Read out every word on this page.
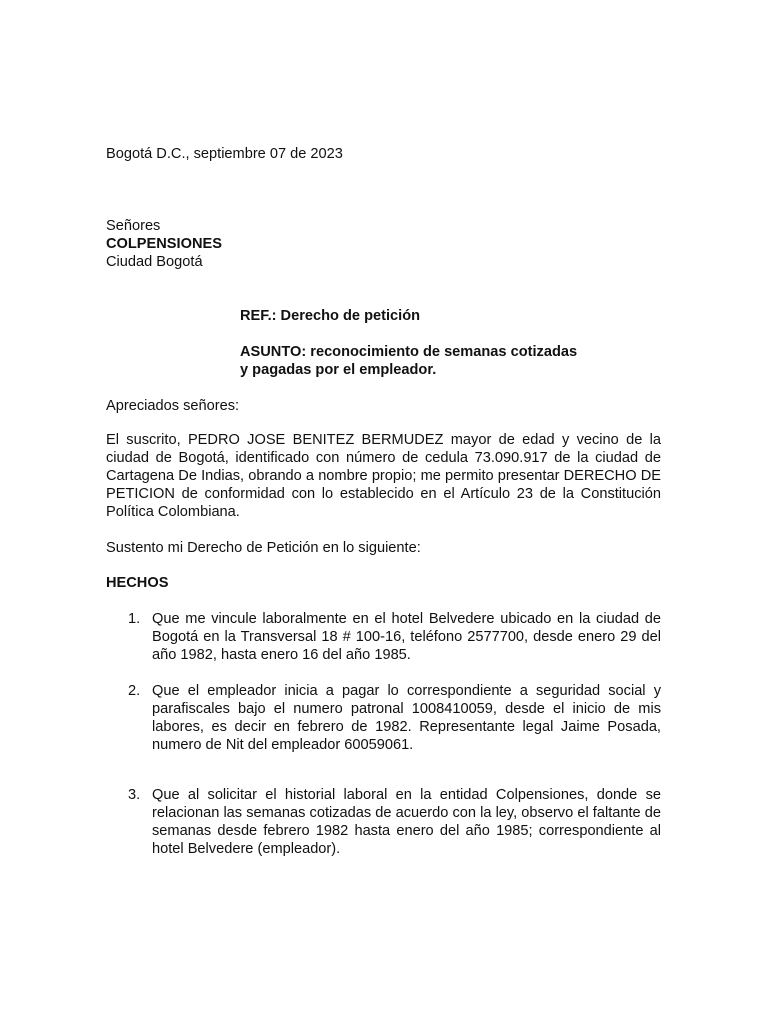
Bogotá D.C., septiembre 07 de 2023

Señores

COLPENSIONES

Ciudad Bogotá

REF.: Derecho de petición

ASUNTO: reconocimiento de semanas cotizadas

y pagadas por el empleador.

Apreciados señores:

El suscrito, PEDRO JOSE BENITEZ BERMUDEZ mayor de edad y vecino de la ciudad de Bogotá, identificado con número de cedula 73.090.917 de la ciudad de Cartagena De Indias, obrando a nombre propio; me permito presentar DERECHO DE PETICION de conformidad con lo establecido en el Artículo 23 de la Constitución Política Colombiana.

Sustento mi Derecho de Petición en lo siguiente:

HECHOS

1. Que me vincule laboralmente en el hotel Belvedere ubicado en la ciudad de Bogotá en la Transversal 18 # 100-16, teléfono 2577700, desde enero 29 del año 1982, hasta enero 16 del año 1985.
2. Que el empleador inicia a pagar lo correspondiente a seguridad social y parafiscales bajo el numero patronal 1008410059, desde el inicio de mis labores, es decir en febrero de 1982. Representante legal Jaime Posada, numero de Nit del empleador 60059061.
3. Que al solicitar el historial laboral en la entidad Colpensiones, donde se relacionan las semanas cotizadas de acuerdo con la ley, observo el faltante de semanas desde febrero 1982 hasta enero del año 1985; correspondiente al hotel Belvedere (empleador).
